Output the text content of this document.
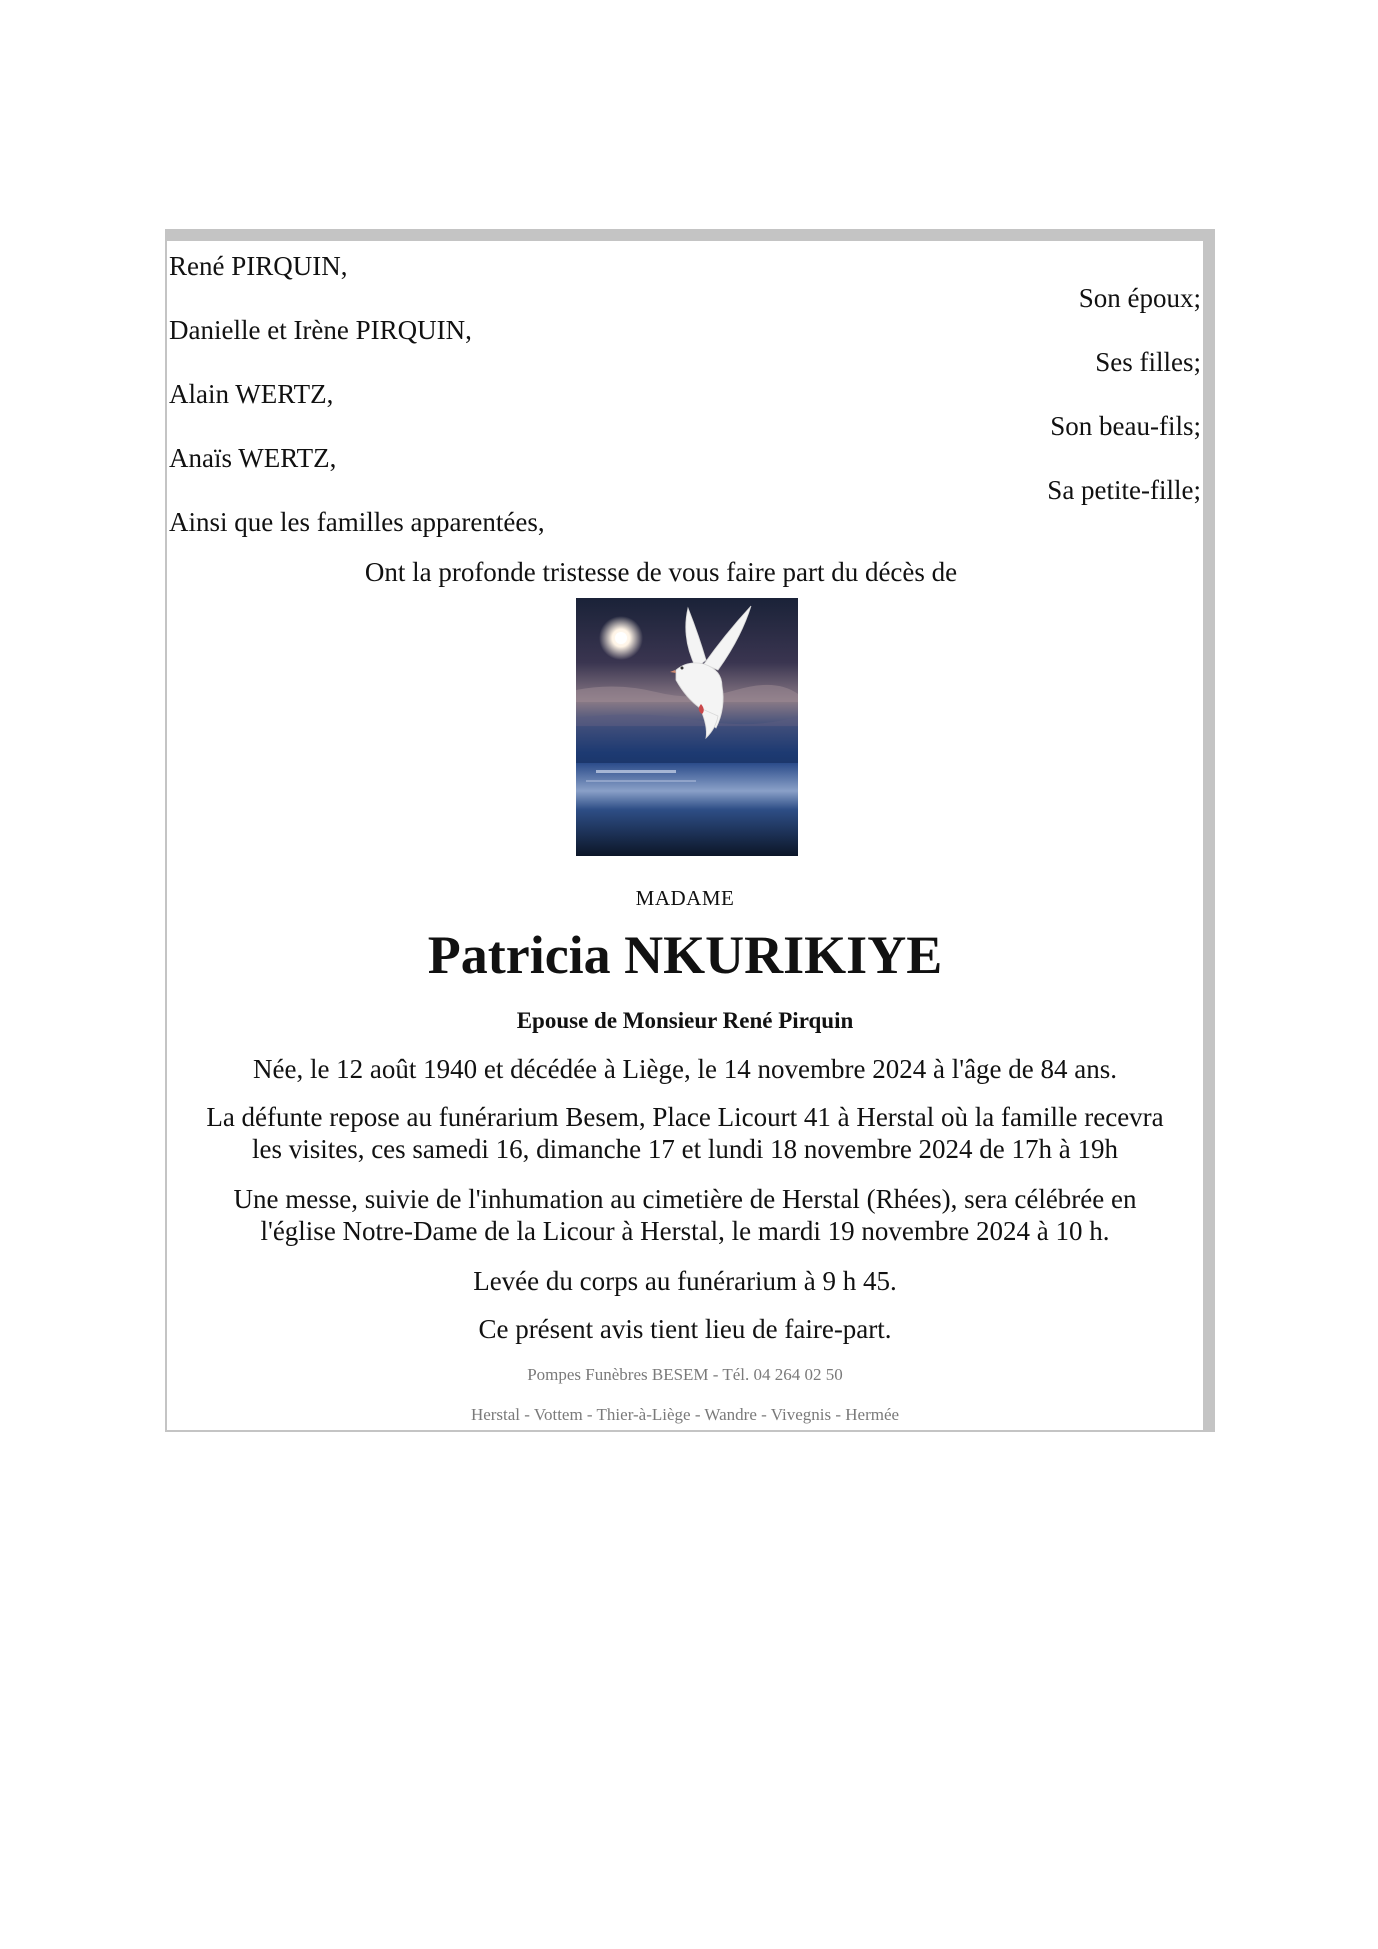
René PIRQUIN,
Son époux;
Danielle et Irène PIRQUIN,
Ses filles;
Alain WERTZ,
Son beau-fils;
Anaïs WERTZ,
Sa petite-fille;
Ainsi que les familles apparentées,
Ont la profonde tristesse de vous faire part du décès de
MADAME
Patricia NKURIKIYE
Epouse de Monsieur René Pirquin
Née, le 12 août 1940 et décédée à Liège, le 14 novembre 2024 à l'âge de 84 ans.
La défunte repose au funérarium Besem, Place Licourt 41 à Herstal où la famille recevra
les visites, ces samedi 16, dimanche 17 et lundi 18 novembre 2024 de 17h à 19h
Une messe, suivie de l'inhumation au cimetière de Herstal (Rhées), sera célébrée en
l'église Notre-Dame de la Licour à Herstal, le mardi 19 novembre 2024 à 10 h.
Levée du corps au funérarium à 9 h 45.
Ce présent avis tient lieu de faire-part.
Pompes Funèbres BESEM - Tél. 04 264 02 50
Herstal - Vottem - Thier-à-Liège - Wandre - Vivegnis - Hermée
